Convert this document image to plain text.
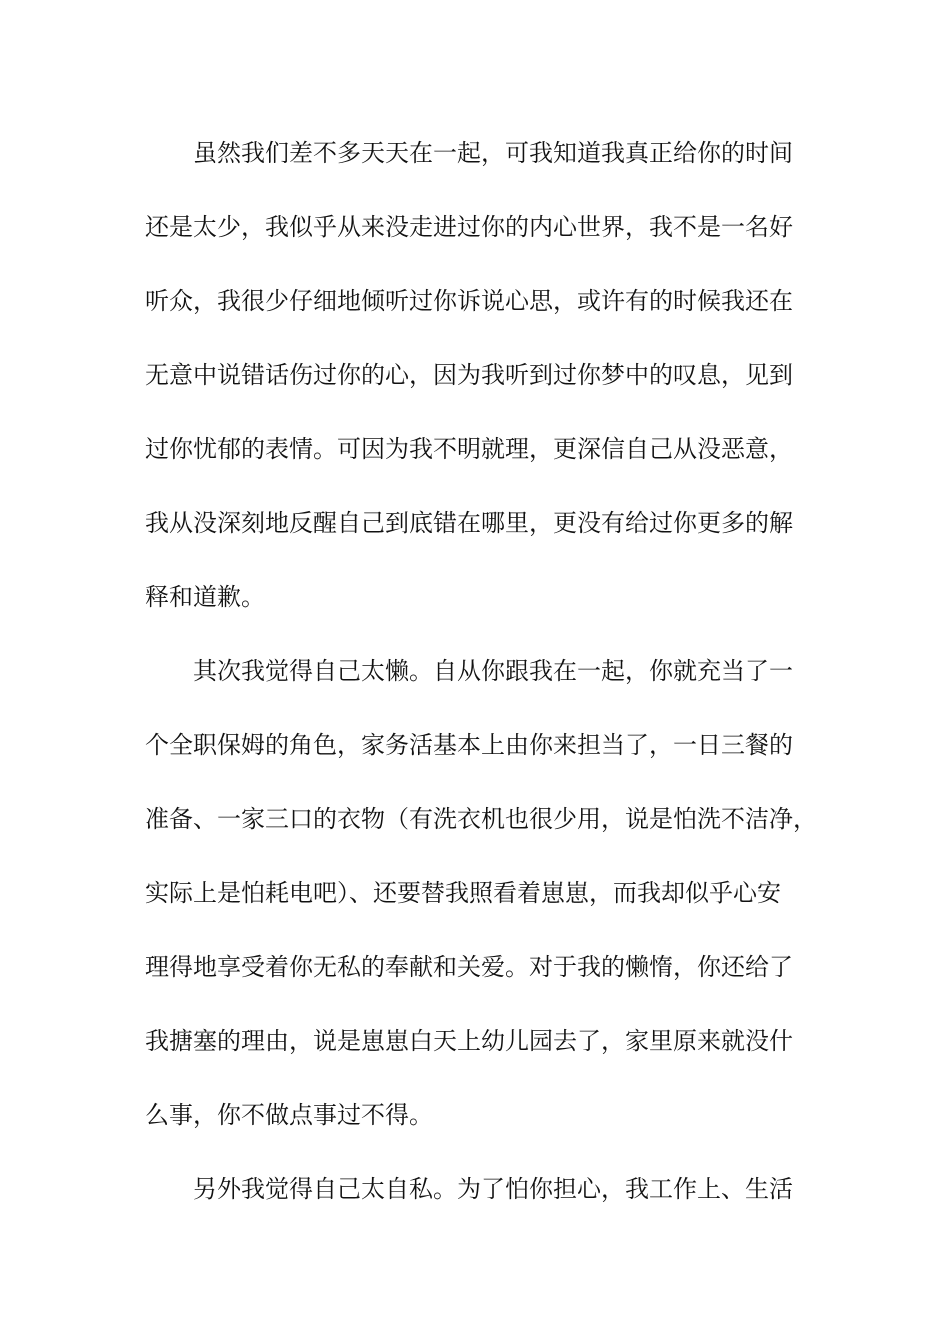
虽然我们差不多天天在一起，可我知道我真正给你的时间
还是太少，我似乎从来没走进过你的内心世界，我不是一名好
听众，我很少仔细地倾听过你诉说心思，或许有的时候我还在
无意中说错话伤过你的心，因为我听到过你梦中的叹息，见到
过你忧郁的表情。可因为我不明就理，更深信自己从没恶意，
我从没深刻地反醒自己到底错在哪里，更没有给过你更多的解
释和道歉。
其次我觉得自己太懒。自从你跟我在一起，你就充当了一
个全职保姆的角色，家务活基本上由你来担当了，一日三餐的
准备、一家三口的衣物（有洗衣机也很少用，说是怕洗不洁净，
实际上是怕耗电吧）、还要替我照看着崽崽，而我却似乎心安
理得地享受着你无私的奉献和关爱。对于我的懒惰，你还给了
我搪塞的理由，说是崽崽白天上幼儿园去了，家里原来就没什
么事，你不做点事过不得。
另外我觉得自己太自私。为了怕你担心，我工作上、生活
